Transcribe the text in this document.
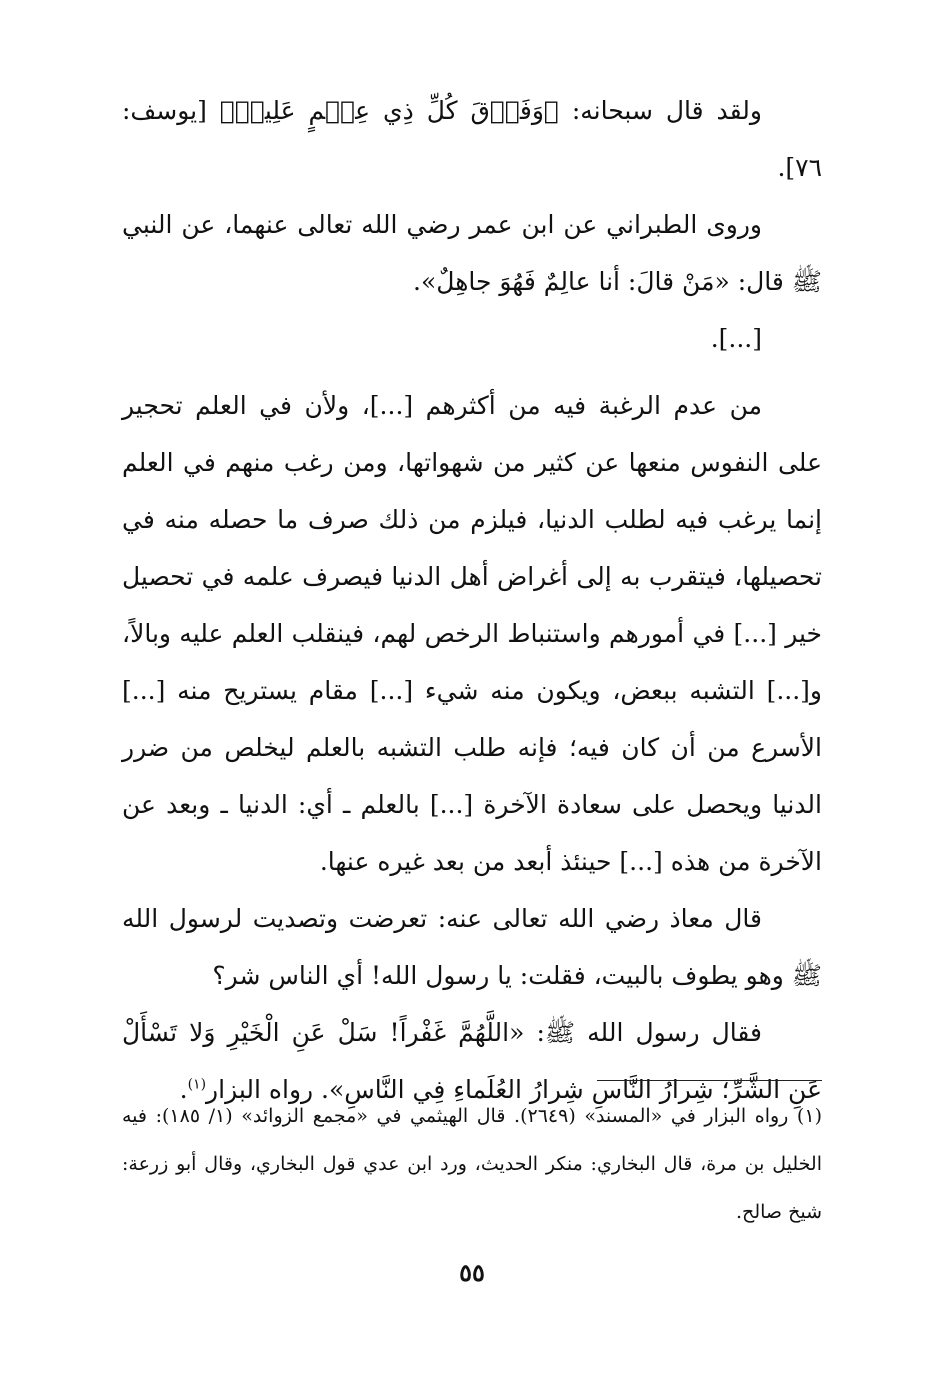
ولقد قال سبحانه: ﴿وَفَوۡقَ كُلِّ ذِي عِلۡمٍ عَلِيمٞ﴾ [يوسف: ٧٦].

وروى الطبراني عن ابن عمر رضي الله تعالى عنهما، عن النبي ﷺ قال: «مَنْ قالَ: أنا عالِمٌ فَهُوَ جاهِلٌ».

[...].

من عدم الرغبة فيه من أكثرهم [...]، ولأن في العلم تحجير على النفوس منعها عن كثير من شهواتها، ومن رغب منهم في العلم إنما يرغب فيه لطلب الدنيا، فيلزم من ذلك صرف ما حصله منه في تحصيلها، فيتقرب به إلى أغراض أهل الدنيا فيصرف علمه في تحصيل خير [...] في أمورهم واستنباط الرخص لهم، فينقلب العلم عليه وبالاً، و[...] التشبه ببعض، ويكون منه شيء [...] مقام يستريح منه [...] الأسرع من أن كان فيه؛ فإنه طلب التشبه بالعلم ليخلص من ضرر الدنيا ويحصل على سعادة الآخرة [...] بالعلم ـ أي: الدنيا ـ وبعد عن الآخرة من هذه [...] حينئذ أبعد من بعد غيره عنها.

قال معاذ رضي الله تعالى عنه: تعرضت وتصديت لرسول الله ﷺ وهو يطوف بالبيت، فقلت: يا رسول الله! أي الناس شر؟

فقال رسول الله ﷺ: «اللَّهُمَّ غَفْراً! سَلْ عَنِ الْخَيْرِ وَلا تَسْأَلْ عَنِ الشَّرِّ؛ شِرارُ النَّاسِ شِرارُ العُلَماءِ فِي النَّاسِ». رواه البزار$^{(١)}$.

(١) رواه البزار في «المسند» (٢٦٤٩). قال الهيثمي في «مجمع الزوائد» (١/ ١٨٥): فيه الخليل بن مرة، قال البخاري: منكر الحديث، ورد ابن عدي قول البخاري، وقال أبو زرعة: شيخ صالح.

٥٥
